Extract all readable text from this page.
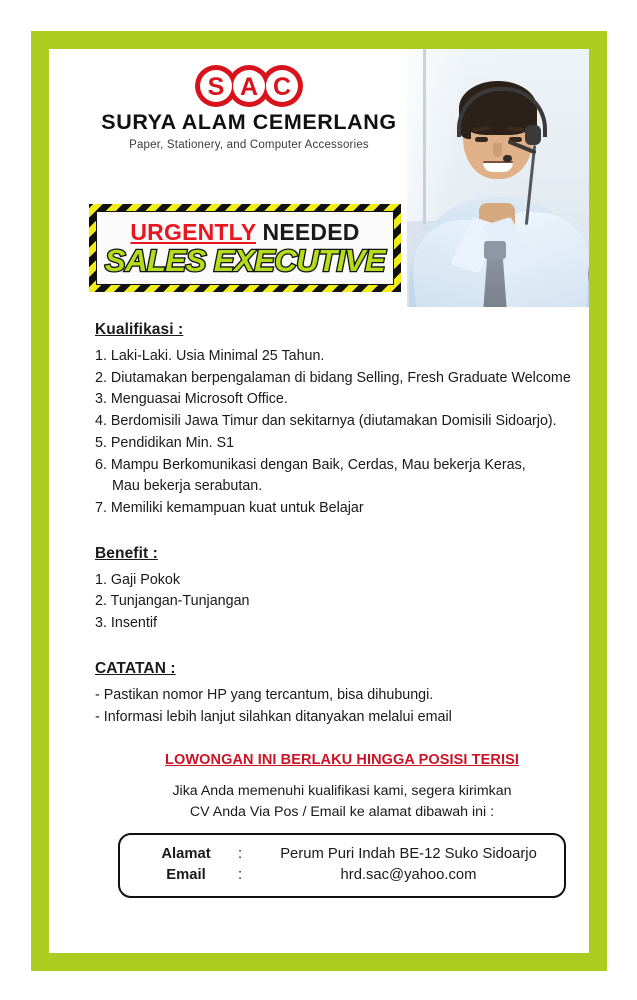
S A C

SURYA ALAM CEMERLANG

Paper, Stationery, and Computer Accessories

URGENTLY NEEDED
SALES EXECUTIVE

Kualifikasi :

1. Laki-Laki. Usia Minimal 25 Tahun.

2. Diutamakan berpengalaman di bidang Selling, Fresh Graduate Welcome

3. Menguasai Microsoft Office.

4. Berdomisili Jawa Timur dan sekitarnya (diutamakan Domisili Sidoarjo).

5. Pendidikan Min. S1

6. Mampu Berkomunikasi dengan Baik, Cerdas, Mau bekerja Keras,

Mau bekerja serabutan.

7. Memiliki kemampuan kuat untuk Belajar

Benefit :

1. Gaji Pokok

2. Tunjangan-Tunjangan

3. Insentif

CATATAN :

- Pastikan nomor HP yang tercantum, bisa dihubungi.

- Informasi lebih lanjut silahkan ditanyakan melalui email

LOWONGAN INI BERLAKU HINGGA POSISI TERISI

Jika Anda memenuhi kualifikasi kami, segera kirimkan

CV Anda Via Pos / Email ke alamat dibawah ini :

Alamat	:	Perum Puri Indah BE-12 Suko Sidoarjo
Email	:	hrd.sac@yahoo.com
